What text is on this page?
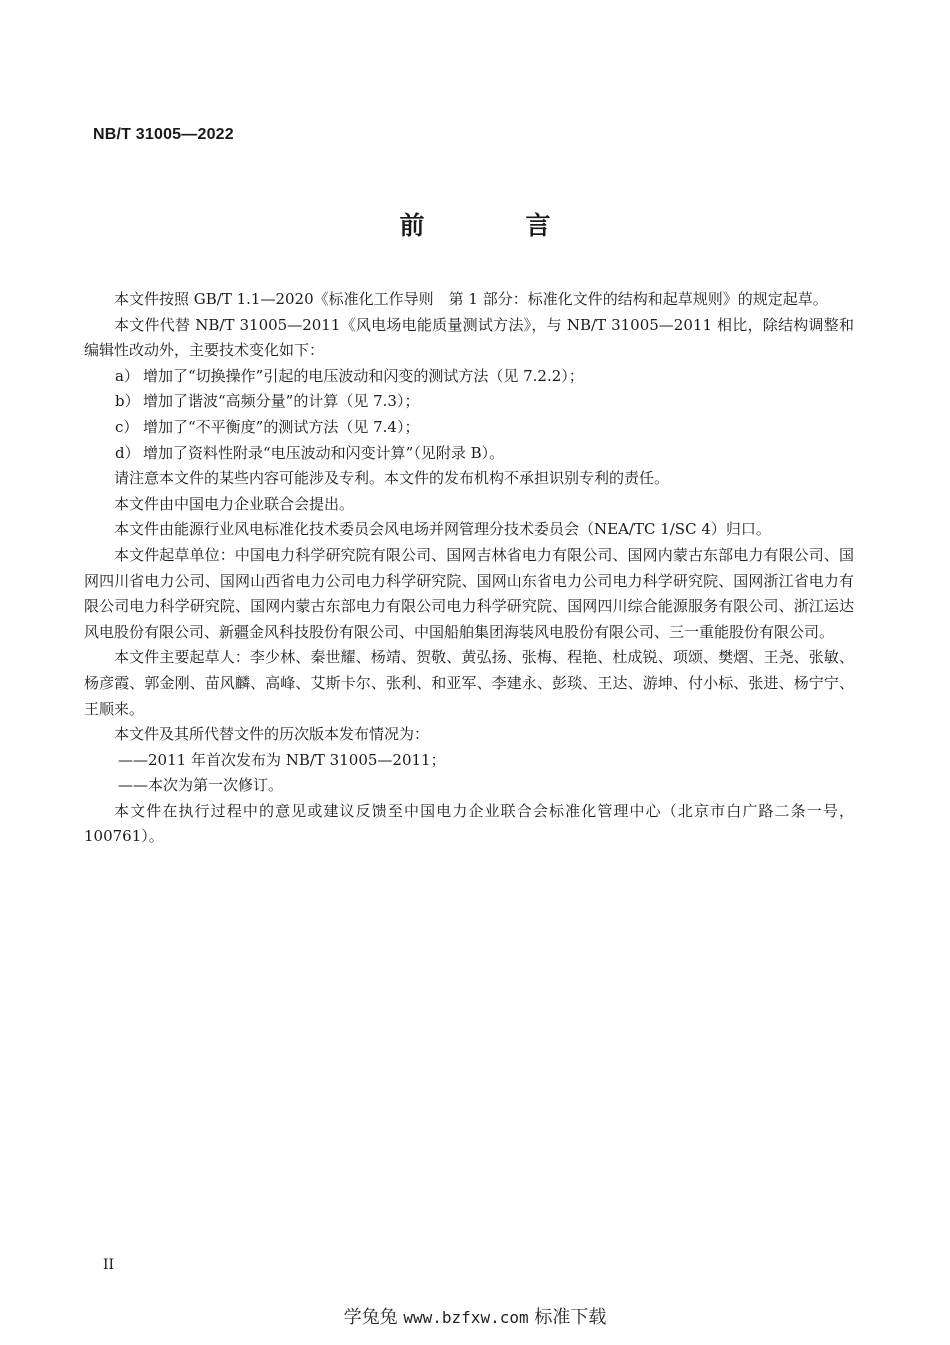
NB/T 31005—2022

前　言

本文件按照 GB/T 1.1—2020《标准化工作导则　第 1 部分：标准化文件的结构和起草规则》的规定起草。

本文件代替 NB/T 31005—2011《风电场电能质量测试方法》，与 NB/T 31005—2011 相比，除结构调整和编辑性改动外，主要技术变化如下：

a） 增加了“切换操作”引起的电压波动和闪变的测试方法（见 7.2.2）；

b） 增加了谐波“高频分量”的计算（见 7.3）；

c） 增加了“不平衡度”的测试方法（见 7.4）；

d） 增加了资料性附录“电压波动和闪变计算”（见附录 B）。

请注意本文件的某些内容可能涉及专利。本文件的发布机构不承担识别专利的责任。

本文件由中国电力企业联合会提出。

本文件由能源行业风电标准化技术委员会风电场并网管理分技术委员会（NEA/TC 1/SC 4）归口。

本文件起草单位：中国电力科学研究院有限公司、国网吉林省电力有限公司、国网内蒙古东部电力有限公司、国网四川省电力公司、国网山西省电力公司电力科学研究院、国网山东省电力公司电力科学研究院、国网浙江省电力有限公司电力科学研究院、国网内蒙古东部电力有限公司电力科学研究院、国网四川综合能源服务有限公司、浙江运达风电股份有限公司、新疆金风科技股份有限公司、中国船舶集团海装风电股份有限公司、三一重能股份有限公司。

本文件主要起草人：李少林、秦世耀、杨靖、贺敬、黄弘扬、张梅、程艳、杜成锐、项颂、樊熠、王尧、张敏、杨彦霞、郭金刚、苗风麟、高峰、艾斯卡尔、张利、和亚军、李建永、彭琰、王达、游坤、付小标、张进、杨宁宁、王顺来。

本文件及其所代替文件的历次版本发布情况为：

——2011 年首次发布为 NB/T 31005—2011；

——本次为第一次修订。

本文件在执行过程中的意见或建议反馈至中国电力企业联合会标准化管理中心（北京市白广路二条一号，100761）。

II

学兔兔 www.bzfxw.com 标准下载
